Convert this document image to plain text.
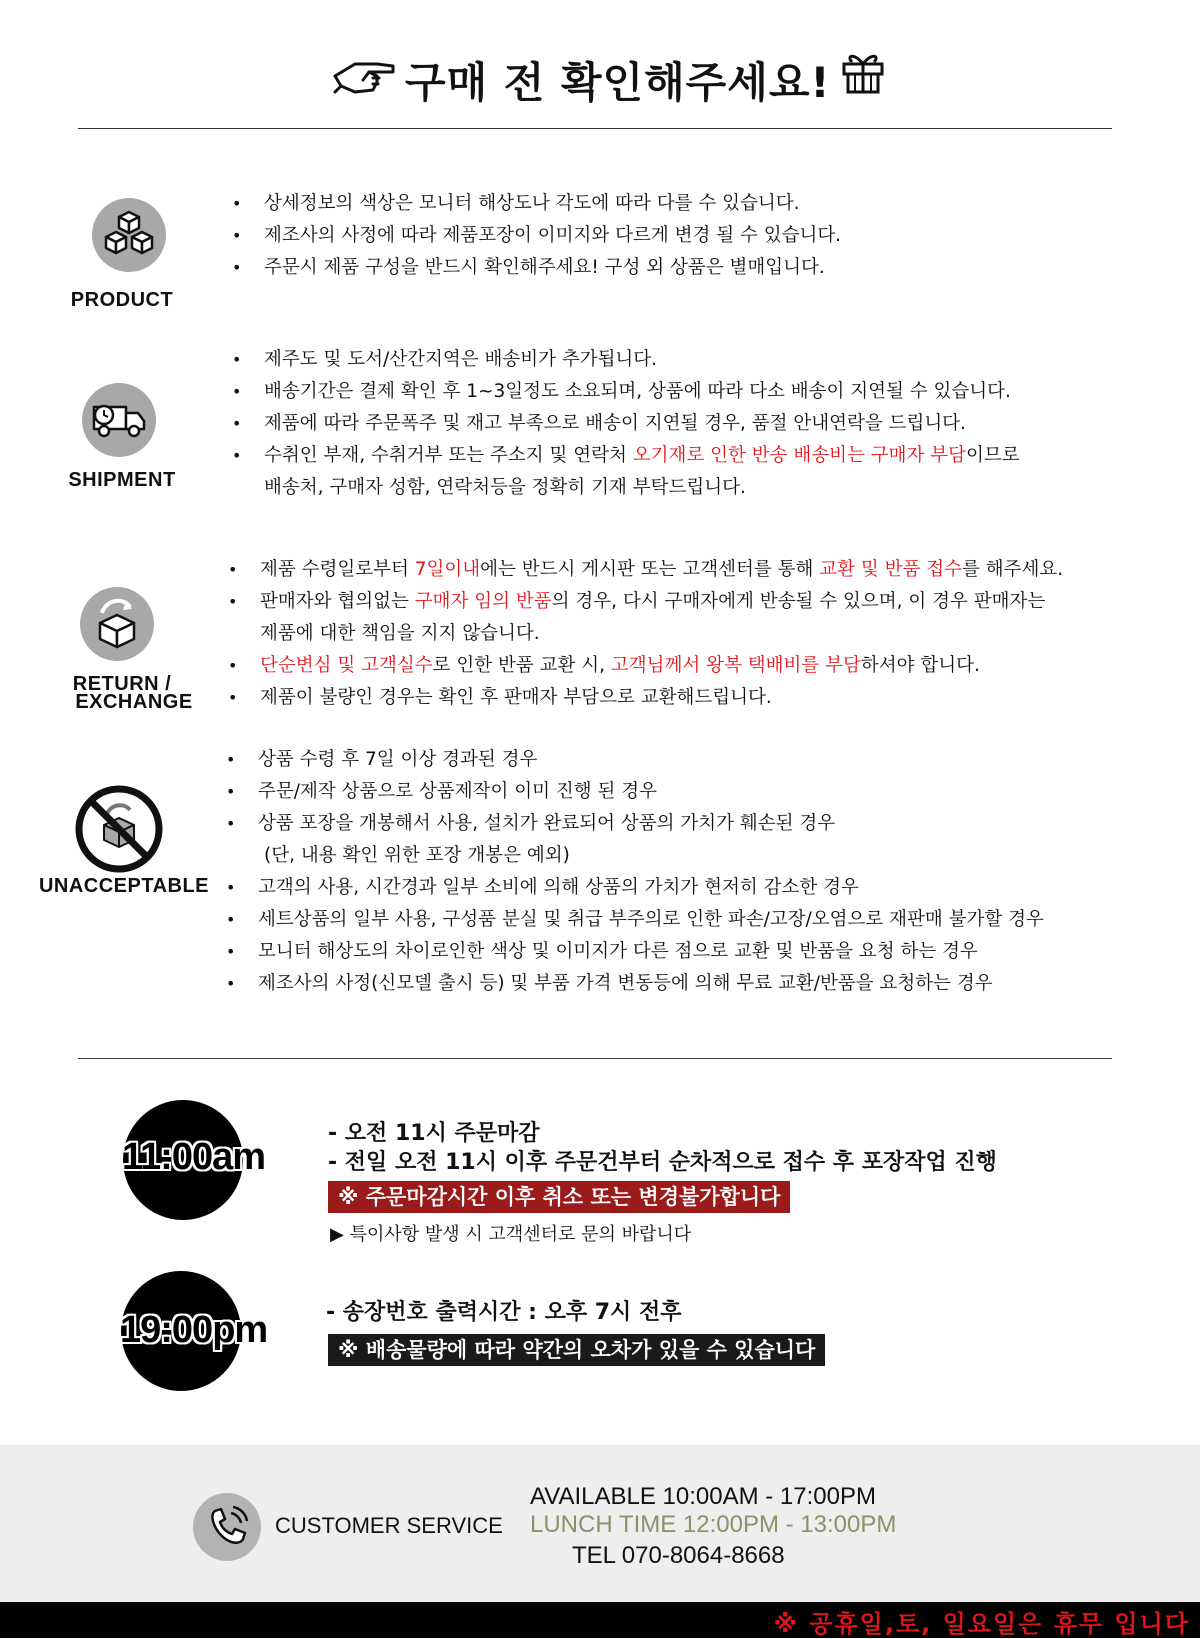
구매 전 확인해주세요!
PRODUCT
• 상세정보의 색상은 모니터 해상도나 각도에 따라 다를 수 있습니다.
• 제조사의 사정에 따라 제품포장이 이미지와 다르게 변경 될 수 있습니다.
• 주문시 제품 구성을 반드시 확인해주세요! 구성 외 상품은 별매입니다.
SHIPMENT
• 제주도 및 도서/산간지역은 배송비가 추가됩니다.
• 배송기간은 결제 확인 후 1~3일정도 소요되며, 상품에 따라 다소 배송이 지연될 수 있습니다.
• 제품에 따라 주문폭주 및 재고 부족으로 배송이 지연될 경우, 품절 안내연락을 드립니다.
• 수취인 부재, 수취거부 또는 주소지 및 연락처 오기재로 인한 반송 배송비는 구매자 부담이므로
배송처, 구매자 성함, 연락처등을 정확히 기재 부탁드립니다.
RETURN /
EXCHANGE
• 제품 수령일로부터 7일이내에는 반드시 게시판 또는 고객센터를 통해 교환 및 반품 접수를 해주세요.
• 판매자와 협의없는 구매자 임의 반품의 경우, 다시 구매자에게 반송될 수 있으며, 이 경우 판매자는
제품에 대한 책임을 지지 않습니다.
• 단순변심 및 고객실수로 인한 반품 교환 시, 고객님께서 왕복 택배비를 부담하셔야 합니다.
• 제품이 불량인 경우는 확인 후 판매자 부담으로 교환해드립니다.
UNACCEPTABLE
• 상품 수령 후 7일 이상 경과된 경우
• 주문/제작 상품으로 상품제작이 이미 진행 된 경우
• 상품 포장을 개봉해서 사용, 설치가 완료되어 상품의 가치가 훼손된 경우
(단, 내용 확인 위한 포장 개봉은 예외)
• 고객의 사용, 시간경과 일부 소비에 의해 상품의 가치가 현저히 감소한 경우
• 세트상품의 일부 사용, 구성품 분실 및 취급 부주의로 인한 파손/고장/오염으로 재판매 불가할 경우
• 모니터 해상도의 차이로인한 색상 및 이미지가 다른 점으로 교환 및 반품을 요청 하는 경우
• 제조사의 사정(신모델 출시 등) 및 부품 가격 변동등에 의해 무료 교환/반품을 요청하는 경우
11:00am
- 오전 11시 주문마감
- 전일 오전 11시 이후 주문건부터 순차적으로 접수 후 포장작업 진행
※ 주문마감시간 이후 취소 또는 변경불가합니다
▶ 특이사항 발생 시 고객센터로 문의 바랍니다
19:00pm	- 송장번호 출력시간 : 오후 7시 전후
※ 배송물량에 따라 약간의 오차가 있을 수 있습니다
CUSTOMER SERVICE
AVAILABLE 10:00AM - 17:00PM
LUNCH TIME 12:00PM - 13:00PM
TEL 070-8064-8668
※ 공휴일,토, 일요일은 휴무 입니다
